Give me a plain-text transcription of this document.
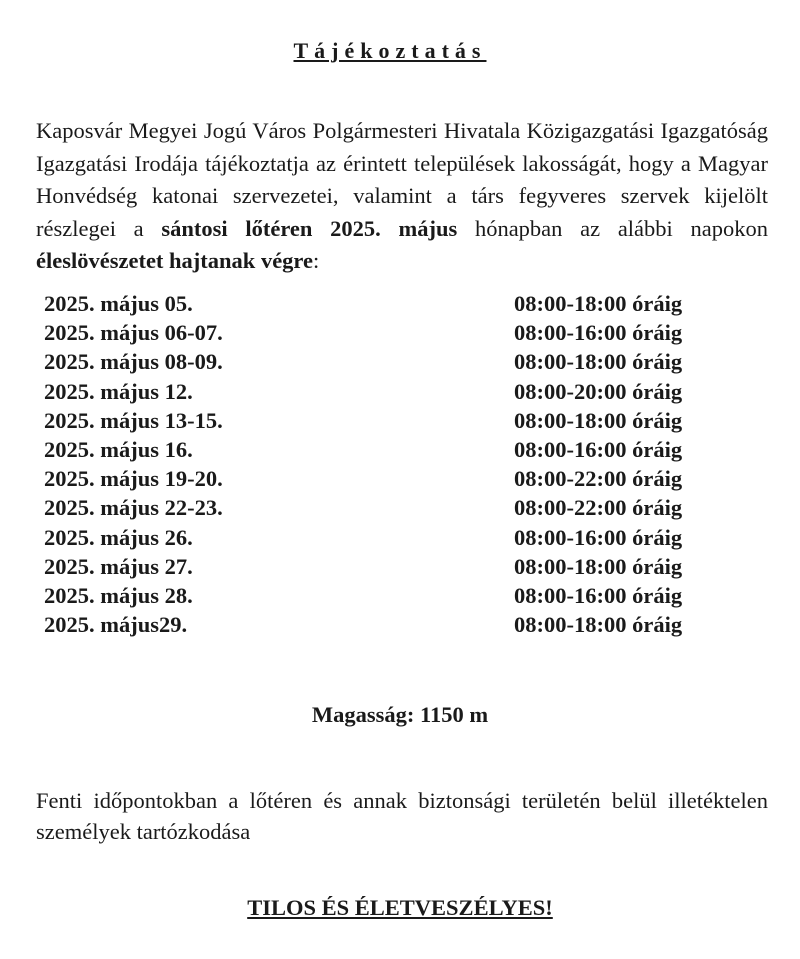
Tájékoztatás
Kaposvár Megyei Jogú Város Polgármesteri Hivatala Közigazgatási Igazgatóság Igazgatási Irodája tájékoztatja az érintett települések lakosságát, hogy a Magyar Honvédség katonai szervezetei, valamint a társ fegyveres szervek kijelölt részlegei a sántosi lőtéren 2025. május hónapban az alábbi napokon éleslövészetet hajtanak végre:
2025. május 05.	08:00-18:00 óráig
2025. május 06-07.	08:00-16:00 óráig
2025. május 08-09.	08:00-18:00 óráig
2025. május 12.	08:00-20:00 óráig
2025. május 13-15.	08:00-18:00 óráig
2025. május 16.	08:00-16:00 óráig
2025. május 19-20.	08:00-22:00 óráig
2025. május 22-23.	08:00-22:00 óráig
2025. május 26.	08:00-16:00 óráig
2025. május 27.	08:00-18:00 óráig
2025. május 28.	08:00-16:00 óráig
2025. május29.	08:00-18:00 óráig
Magasság: 1150 m
Fenti időpontokban a lőtéren és annak biztonsági területén belül illetéktelen személyek tartózkodása
TILOS ÉS ÉLETVESZÉLYES!
